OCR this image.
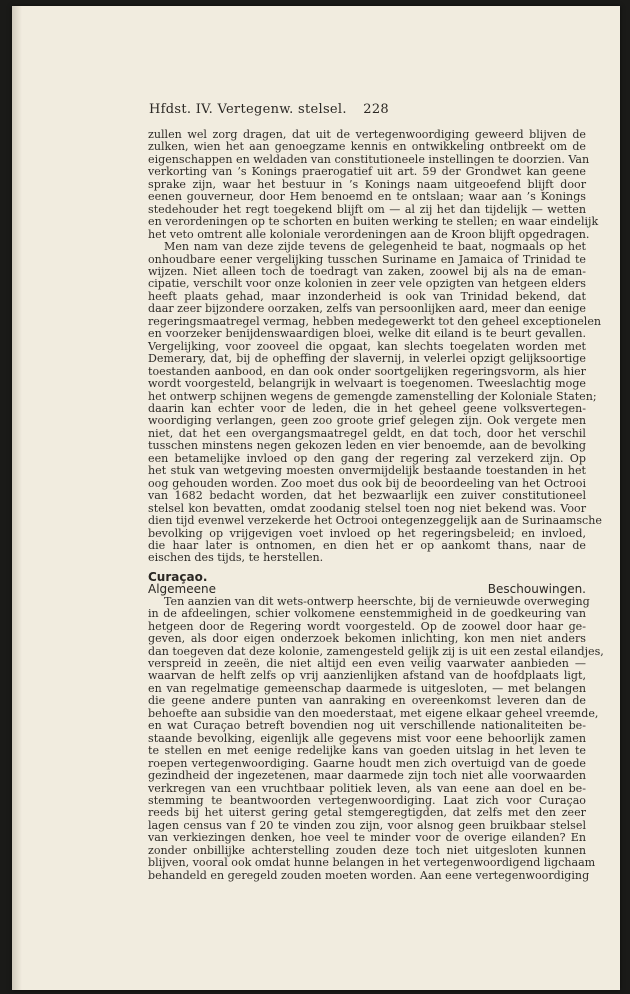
Hfdst. IV. Vertegenw. stelsel. 228

zullen wel zorg dragen, dat uit de vertegenwoordiging geweerd blijven de
zulken, wien het aan genoegzame kennis en ontwikkeling ontbreekt om de
eigenschappen en weldaden van constitutioneele instellingen te doorzien. Van
verkorting van ’s Konings praerogatief uit art. 59 der Grondwet kan geene
sprake zijn, waar het bestuur in ’s Konings naam uitgeoefend blijft door
eenen gouverneur, door Hem benoemd en te ontslaan; waar aan ’s Konings
stedehouder het regt toegekend blijft om — al zij het dan tijdelijk — wetten
en verordeningen op te schorten en buiten werking te stellen; en waar eindelijk
het veto omtrent alle koloniale verordeningen aan de Kroon blijft opgedragen.

Men nam van deze zijde tevens de gelegenheid te baat, nogmaals op het
onhoudbare eener vergelijking tusschen Suriname en Jamaica of Trinidad te
wijzen. Niet alleen toch de toedragt van zaken, zoowel bij als na de eman-
cipatie, verschilt voor onze kolonien in zeer vele opzigten van hetgeen elders
heeft plaats gehad, maar inzonderheid is ook van Trinidad bekend, dat
daar zeer bijzondere oorzaken, zelfs van persoonlijken aard, meer dan eenige
regeringsmaatregel vermag, hebben medegewerkt tot den geheel exceptionelen
en voorzeker benijdenswaardigen bloei, welke dit eiland is te beurt gevallen.
Vergelijking, voor zooveel die opgaat, kan slechts toegelaten worden met
Demerary, dat, bij de opheffing der slavernij, in velerlei opzigt gelijksoortige
toestanden aanbood, en dan ook onder soortgelijken regeringsvorm, als hier
wordt voorgesteld, belangrijk in welvaart is toegenomen. Tweeslachtig moge
het ontwerp schijnen wegens de gemengde zamenstelling der Koloniale Staten;
daarin kan echter voor de leden, die in het geheel geene volksvertegen-
woordiging verlangen, geen zoo groote grief gelegen zijn. Ook vergete men
niet, dat het een overgangsmaatregel geldt, en dat toch, door het verschil
tusschen minstens negen gekozen leden en vier benoemde, aan de bevolking
een betamelijke invloed op den gang der regering zal verzekerd zijn. Op
het stuk van wetgeving moesten onvermijdelijk bestaande toestanden in het
oog gehouden worden. Zoo moet dus ook bij de beoordeeling van het Octrooi
van 1682 bedacht worden, dat het bezwaarlijk een zuiver constitutioneel
stelsel kon bevatten, omdat zoodanig stelsel toen nog niet bekend was. Voor
dien tijd evenwel verzekerde het Octrooi ontegenzeggelijk aan de Surinaamsche
bevolking op vrijgevigen voet invloed op het regeringsbeleid; en invloed,
die haar later is ontnomen, en dien het er op aankomt thans, naar de
eischen des tijds, te herstellen.

Curaçao.

Algemeene Beschouwingen.

Ten aanzien van dit wets-ontwerp heerschte, bij de vernieuwde overweging
in de afdeelingen, schier volkomene eenstemmigheid in de goedkeuring van
hetgeen door de Regering wordt voorgesteld. Op de zoowel door haar ge-
geven, als door eigen onderzoek bekomen inlichting, kon men niet anders
dan toegeven dat deze kolonie, zamengesteld gelijk zij is uit een zestal eilandjes,
verspreid in zeeën, die niet altijd een even veilig vaarwater aanbieden —
waarvan de helft zelfs op vrij aanzienlijken afstand van de hoofdplaats ligt,
en van regelmatige gemeenschap daarmede is uitgesloten, — met belangen
die geene andere punten van aanraking en overeenkomst leveren dan de
behoefte aan subsidie van den moederstaat, met eigene elkaar geheel vreemde,
en wat Curaçao betreft bovendien nog uit verschillende nationaliteiten be-
staande bevolking, eigenlijk alle gegevens mist voor eene behoorlijk zamen
te stellen en met eenige redelijke kans van goeden uitslag in het leven te
roepen vertegenwoordiging. Gaarne houdt men zich overtuigd van de goede
gezindheid der ingezetenen, maar daarmede zijn toch niet alle voorwaarden
verkregen van een vruchtbaar politiek leven, als van eene aan doel en be-
stemming te beantwoorden vertegenwoordiging. Laat zich voor Curaçao
reeds bij het uiterst gering getal stemgeregtigden, dat zelfs met den zeer
lagen census van f 20 te vinden zou zijn, voor alsnog geen bruikbaar stelsel
van verkiezingen denken, hoe veel te minder voor de overige eilanden? En
zonder onbillijke achterstelling zouden deze toch niet uitgesloten kunnen
blijven, vooral ook omdat hunne belangen in het vertegenwoordigend ligchaam
behandeld en geregeld zouden moeten worden. Aan eene vertegenwoordiging
